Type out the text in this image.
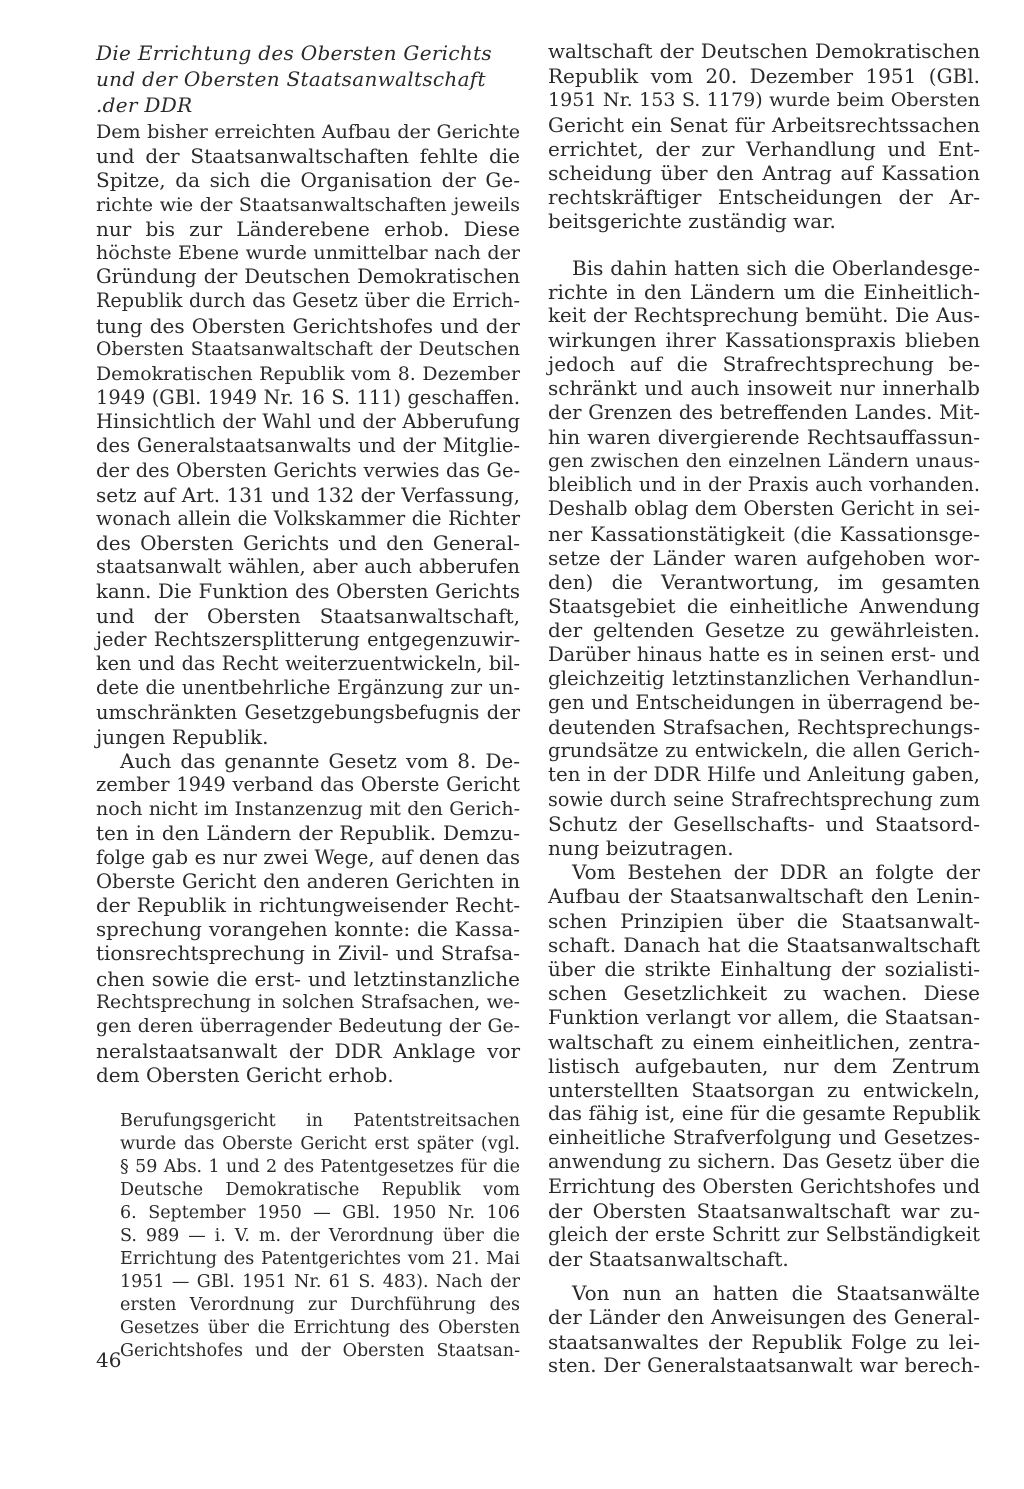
Die Errichtung des Obersten Gerichts
und der Obersten Staatsanwaltschaft
.der DDR
Dem bisher erreichten Aufbau der Gerichte
und der Staatsanwaltschaften fehlte die
Spitze, da sich die Organisation der Ge-
richte wie der Staatsanwaltschaften jeweils
nur bis zur Länderebene erhob. Diese
höchste Ebene wurde unmittelbar nach der
Gründung der Deutschen Demokratischen
Republik durch das Gesetz über die Errich-
tung des Obersten Gerichtshofes und der
Obersten Staatsanwaltschaft der Deutschen
Demokratischen Republik vom 8. Dezember
1949 (GBl. 1949 Nr. 16 S. 111) geschaffen.
Hinsichtlich der Wahl und der Abberufung
des Generalstaatsanwalts und der Mitglie-
der des Obersten Gerichts verwies das Ge-
setz auf Art. 131 und 132 der Verfassung,
wonach allein die Volkskammer die Richter
des Obersten Gerichts und den General-
staatsanwalt wählen, aber auch abberufen
kann. Die Funktion des Obersten Gerichts
und der Obersten Staatsanwaltschaft,
jeder Rechtszersplitterung entgegenzuwir-
ken und das Recht weiterzuentwickeln, bil-
dete die unentbehrliche Ergänzung zur un-
umschränkten Gesetzgebungsbefugnis der
jungen Republik.
Auch das genannte Gesetz vom 8. De-
zember 1949 verband das Oberste Gericht
noch nicht im Instanzenzug mit den Gerich-
ten in den Ländern der Republik. Demzu-
folge gab es nur zwei Wege, auf denen das
Oberste Gericht den anderen Gerichten in
der Republik in richtungweisender Recht-
sprechung vorangehen konnte: die Kassa-
tionsrechtsprechung in Zivil- und Strafsa-
chen sowie die erst- und letztinstanzliche
Rechtsprechung in solchen Strafsachen, we-
gen deren überragender Bedeutung der Ge-
neralstaatsanwalt der DDR Anklage vor
dem Obersten Gericht erhob.
Berufungsgericht in Patentstreitsachen
wurde das Oberste Gericht erst später (vgl.
§ 59 Abs. 1 und 2 des Patentgesetzes für die
Deutsche Demokratische Republik vom
6. September 1950 — GBl. 1950 Nr. 106
S. 989 — i. V. m. der Verordnung über die
Errichtung des Patentgerichtes vom 21. Mai
1951 — GBl. 1951 Nr. 61 S. 483). Nach der
ersten Verordnung zur Durchführung des
Gesetzes über die Errichtung des Obersten
Gerichtshofes und der Obersten Staatsan-
waltschaft der Deutschen Demokratischen
Republik vom 20. Dezember 1951 (GBl.
1951 Nr. 153 S. 1179) wurde beim Obersten
Gericht ein Senat für Arbeitsrechtssachen
errichtet, der zur Verhandlung und Ent-
scheidung über den Antrag auf Kassation
rechtskräftiger Entscheidungen der Ar-
beitsgerichte zuständig war.
Bis dahin hatten sich die Oberlandesge-
richte in den Ländern um die Einheitlich-
keit der Rechtsprechung bemüht. Die Aus-
wirkungen ihrer Kassationspraxis blieben
jedoch auf die Strafrechtsprechung be-
schränkt und auch insoweit nur innerhalb
der Grenzen des betreffenden Landes. Mit-
hin waren divergierende Rechtsauffassun-
gen zwischen den einzelnen Ländern unaus-
bleiblich und in der Praxis auch vorhanden.
Deshalb oblag dem Obersten Gericht in sei-
ner Kassationstätigkeit (die Kassationsge-
setze der Länder waren aufgehoben wor-
den) die Verantwortung, im gesamten
Staatsgebiet die einheitliche Anwendung
der geltenden Gesetze zu gewährleisten.
Darüber hinaus hatte es in seinen erst- und
gleichzeitig letztinstanzlichen Verhandlun-
gen und Entscheidungen in überragend be-
deutenden Strafsachen, Rechtsprechungs-
grundsätze zu entwickeln, die allen Gerich-
ten in der DDR Hilfe und Anleitung gaben,
sowie durch seine Strafrechtsprechung zum
Schutz der Gesellschafts- und Staatsord-
nung beizutragen.
Vom Bestehen der DDR an folgte der
Aufbau der Staatsanwaltschaft den Lenin-
schen Prinzipien über die Staatsanwalt-
schaft. Danach hat die Staatsanwaltschaft
über die strikte Einhaltung der sozialisti-
schen Gesetzlichkeit zu wachen. Diese
Funktion verlangt vor allem, die Staatsan-
waltschaft zu einem einheitlichen, zentra-
listisch aufgebauten, nur dem Zentrum
unterstellten Staatsorgan zu entwickeln,
das fähig ist, eine für die gesamte Republik
einheitliche Strafverfolgung und Gesetzes-
anwendung zu sichern. Das Gesetz über die
Errichtung des Obersten Gerichtshofes und
der Obersten Staatsanwaltschaft war zu-
gleich der erste Schritt zur Selbständigkeit
der Staatsanwaltschaft.
Von nun an hatten die Staatsanwälte
der Länder den Anweisungen des General-
staatsanwaltes der Republik Folge zu lei-
sten. Der Generalstaatsanwalt war berech-
46
